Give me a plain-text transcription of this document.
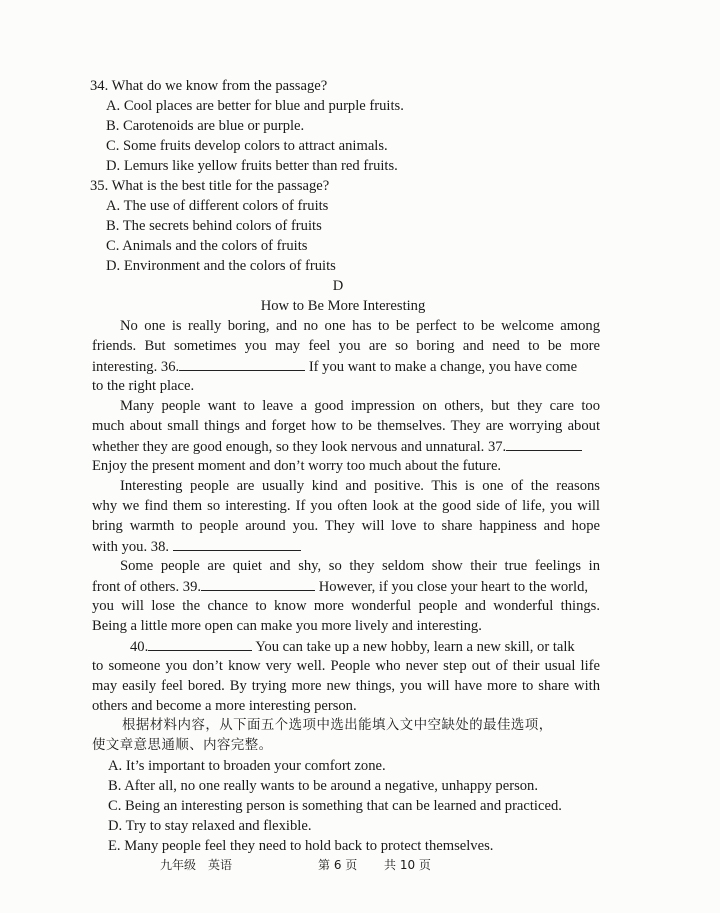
34. What do we know from the passage?
A. Cool places are better for blue and purple fruits.
B. Carotenoids are blue or purple.
C. Some fruits develop colors to attract animals.
D. Lemurs like yellow fruits better than red fruits.
35. What is the best title for the passage?
A. The use of different colors of fruits
B. The secrets behind colors of fruits
C. Animals and the colors of fruits
D. Environment and the colors of fruits
D
How to Be More Interesting
No one is really boring, and no one has to be perfect to be welcome among
friends. But sometimes you may feel you are so boring and need to be more
interesting. 36.	If you want to make a change, you have come
to the right place.
Many people want to leave a good impression on others, but they care too
much about small things and forget how to be themselves. They are worrying about
whether they are good enough, so they look nervous and unnatural. 37.
Enjoy the present moment and don’t worry too much about the future.
Interesting people are usually kind and positive. This is one of the reasons
why we find them so interesting. If you often look at the good side of life, you will
bring warmth to people around you. They will love to share happiness and hope
with you. 38.
Some people are quiet and shy, so they seldom show their true feelings in
front of others. 39.	However, if you close your heart to the world,
you will lose the chance to know more wonderful people and wonderful things.
Being a little more open can make you more lively and interesting.
40.	You can take up a new hobby, learn a new skill, or talk
to someone you don’t know very well. People who never step out of their usual life
may easily feel bored. By trying more new things, you will have more to share with
others and become a more interesting person.
根据材料内容，从下面五个选项中选出能填入文中空缺处的最佳选项，
使文章意思通顺、内容完整。
A. It’s important to broaden your comfort zone.
B. After all, no one really wants to be around a negative, unhappy person.
C. Being an interesting person is something that can be learned and practiced.
D. Try to stay relaxed and flexible.
E. Many people feel they need to hold back to protect themselves.
九年级 英语	第 6 页 共 10 页
